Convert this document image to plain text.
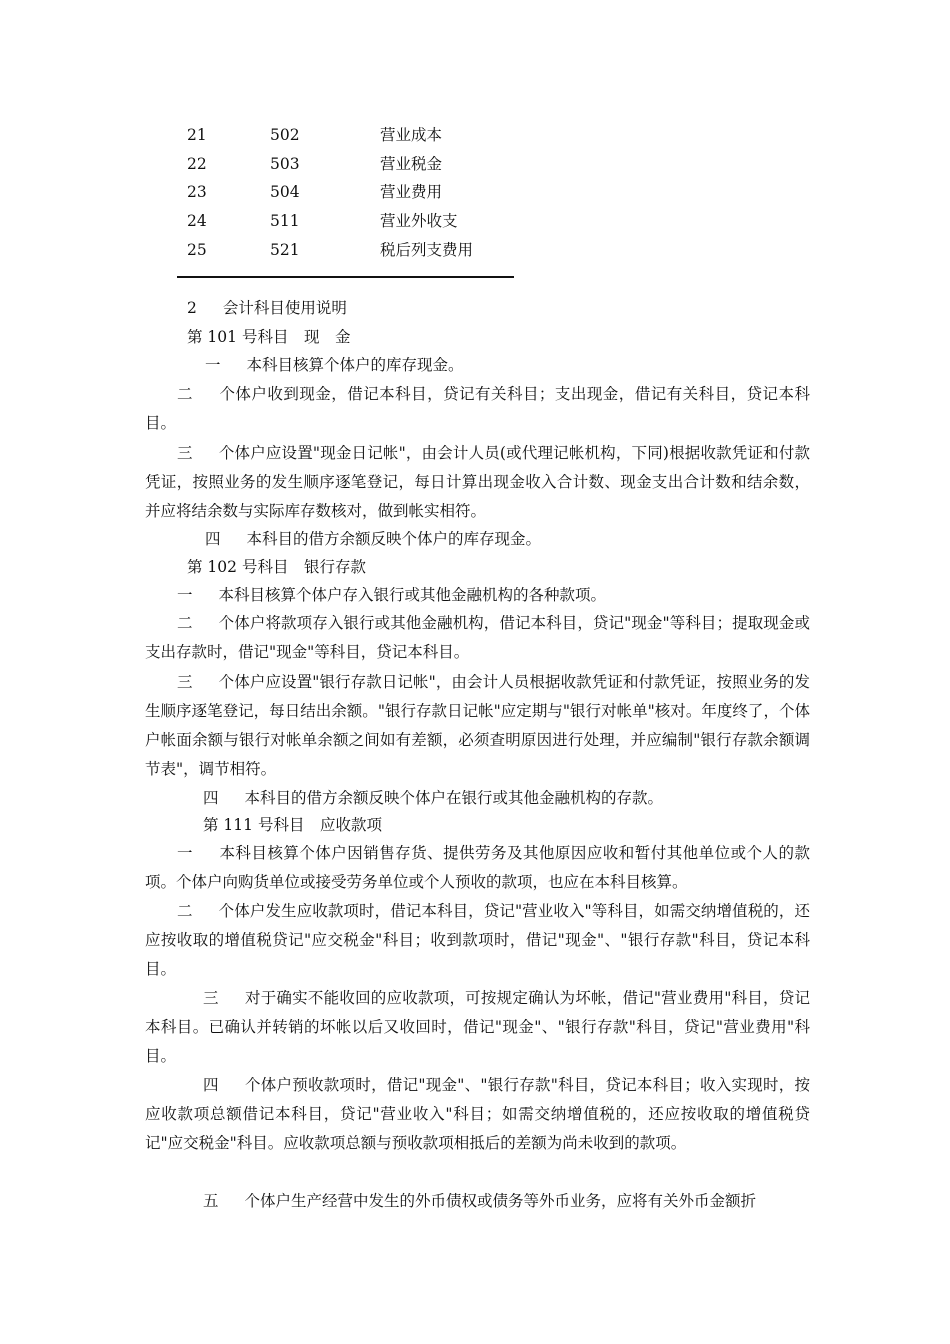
21	502	营业成本
22	503	营业税金
23	504	营业费用
24	511	营业外收支
25	521	税后列支费用
2 会计科目使用说明
第 101 号科目　现　金
一 本科目核算个体户的库存现金。
二 个体户收到现金，借记本科目，贷记有关科目；支出现金，借记有关科目，贷记本科目。
三 个体户应设置"现金日记帐"，由会计人员(或代理记帐机构，下同)根据收款凭证和付款凭证，按照业务的发生顺序逐笔登记，每日计算出现金收入合计数、现金支出合计数和结余数，并应将结余数与实际库存数核对，做到帐实相符。
四 本科目的借方余额反映个体户的库存现金。
第 102 号科目　银行存款
一 本科目核算个体户存入银行或其他金融机构的各种款项。
二 个体户将款项存入银行或其他金融机构，借记本科目，贷记"现金"等科目；提取现金或支出存款时，借记"现金"等科目，贷记本科目。
三 个体户应设置"银行存款日记帐"，由会计人员根据收款凭证和付款凭证，按照业务的发生顺序逐笔登记，每日结出余额。"银行存款日记帐"应定期与"银行对帐单"核对。年度终了，个体户帐面余额与银行对帐单余额之间如有差额，必须查明原因进行处理，并应编制"银行存款余额调节表"，调节相符。
四 本科目的借方余额反映个体户在银行或其他金融机构的存款。
第 111 号科目　应收款项
一 本科目核算个体户因销售存货、提供劳务及其他原因应收和暂付其他单位或个人的款项。个体户向购货单位或接受劳务单位或个人预收的款项，也应在本科目核算。
二 个体户发生应收款项时，借记本科目，贷记"营业收入"等科目，如需交纳增值税的，还应按收取的增值税贷记"应交税金"科目；收到款项时，借记"现金"、"银行存款"科目，贷记本科目。
三 对于确实不能收回的应收款项，可按规定确认为坏帐，借记"营业费用"科目，贷记本科目。已确认并转销的坏帐以后又收回时，借记"现金"、"银行存款"科目，贷记"营业费用"科目。
四 个体户预收款项时，借记"现金"、"银行存款"科目，贷记本科目；收入实现时，按应收款项总额借记本科目，贷记"营业收入"科目；如需交纳增值税的，还应按收取的增值税贷记"应交税金"科目。应收款项总额与预收款项相抵后的差额为尚未收到的款项。
五 个体户生产经营中发生的外币债权或债务等外币业务，应将有关外币金额折
